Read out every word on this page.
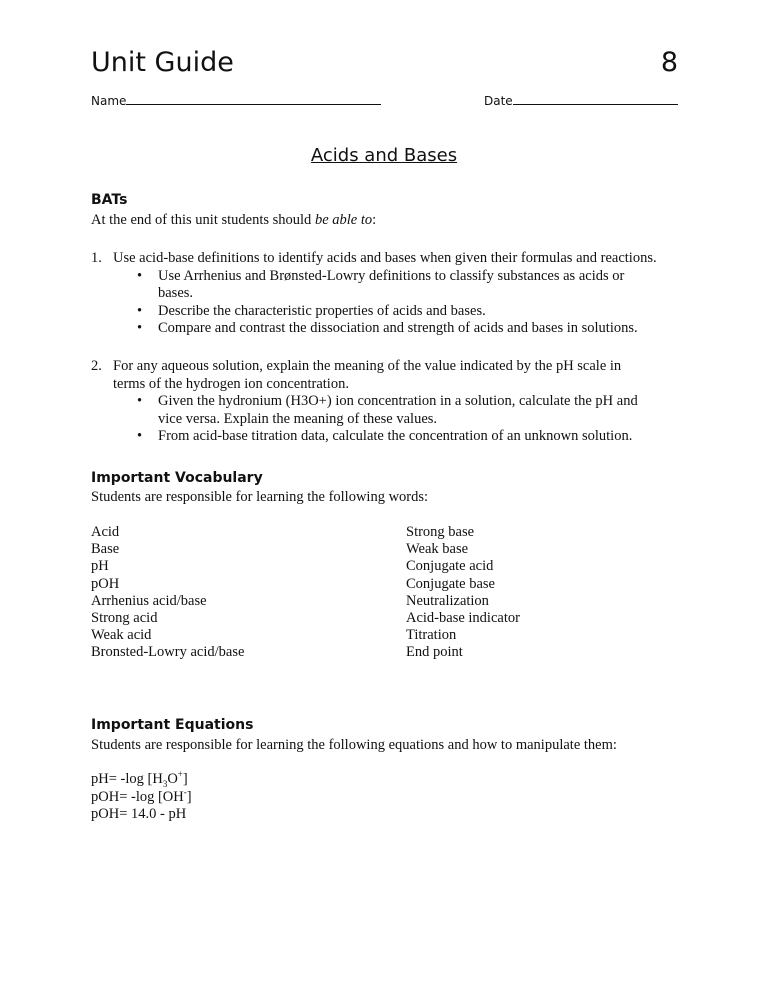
Unit Guide	8
Name	Date
Acids and Bases
BATs
At the end of this unit students should be able to:
1. Use acid-base definitions to identify acids and bases when given their formulas and reactions.
• Use Arrhenius and Brønsted-Lowry definitions to classify substances as acids or bases.
• Describe the characteristic properties of acids and bases.
• Compare and contrast the dissociation and strength of acids and bases in solutions.
2. For any aqueous solution, explain the meaning of the value indicated by the pH scale in terms of the hydrogen ion concentration.
• Given the hydronium (H3O+) ion concentration in a solution, calculate the pH and vice versa. Explain the meaning of these values.
• From acid-base titration data, calculate the concentration of an unknown solution.
Important Vocabulary
Students are responsible for learning the following words:
Acid
Base
pH
pOH
Arrhenius acid/base
Strong acid
Weak acid
Bronsted-Lowry acid/base
Strong base
Weak base
Conjugate acid
Conjugate base
Neutralization
Acid-base indicator
Titration
End point
Important Equations
Students are responsible for learning the following equations and how to manipulate them:
pH= -log $[H_3O^+]$
pOH= -log [OH-]
pOH= 14.0 - pH
